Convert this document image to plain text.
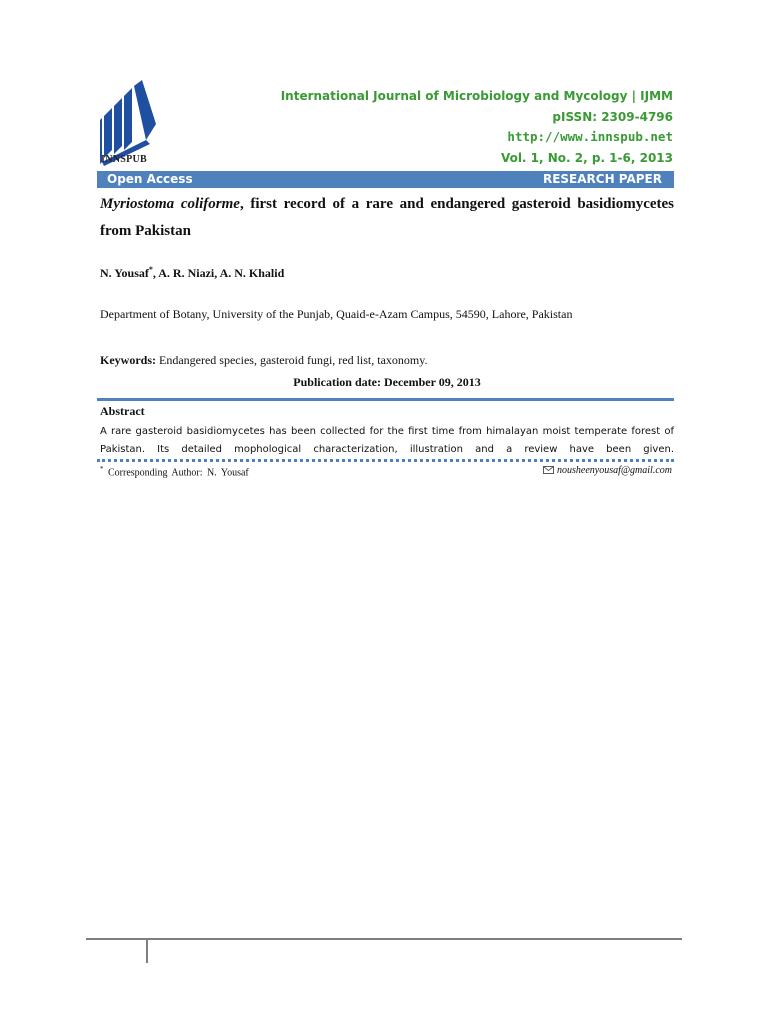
INNSPUB
International Journal of Microbiology and Mycology | IJMM
pISSN: 2309-4796
http://www.innspub.net
Vol. 1, No. 2, p. 1-6, 2013
Open Access	RESEARCH PAPER
Myriostoma coliforme, first record of a rare and endangered gasteroid basidiomycetes from Pakistan
N. Yousaf*, A. R. Niazi, A. N. Khalid
Department of Botany, University of the Punjab, Quaid-e-Azam Campus, 54590, Lahore, Pakistan
Keywords: Endangered species, gasteroid fungi, red list, taxonomy.
Publication date: December 09, 2013
Abstract
A rare gasteroid basidiomycetes has been collected for the first time from himalayan moist temperate forest of Pakistan. Its detailed mophological characterization, illustration and a review have been given.
* Corresponding Author: N. Yousaf	nousheenyousaf@gmail.com
